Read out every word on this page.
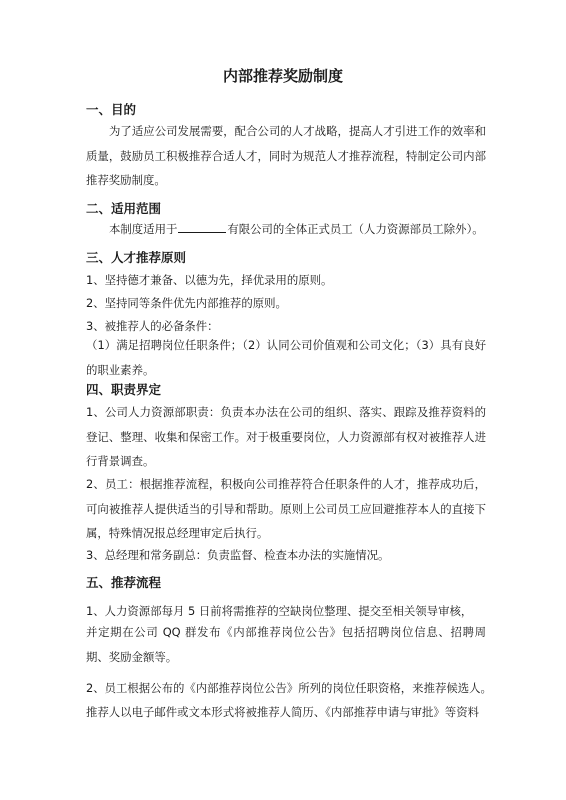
内部推荐奖励制度
一、目的
为了适应公司发展需要，配合公司的人才战略，提高人才引进工作的效率和质量，鼓励员工积极推荐合适人才，同时为规范人才推荐流程，特制定公司内部推荐奖励制度。
二、适用范围
本制度适用于	有限公司的全体正式员工（人力资源部员工除外）。
三、人才推荐原则
1、坚持德才兼备、以德为先，择优录用的原则。
2、坚持同等条件优先内部推荐的原则。
3、被推荐人的必备条件：
（1）满足招聘岗位任职条件；（2）认同公司价值观和公司文化；（3）具有良好的职业素养。
四、职责界定
1、公司人力资源部职责：负责本办法在公司的组织、落实、跟踪及推荐资料的登记、整理、收集和保密工作。对于极重要岗位，人力资源部有权对被推荐人进行背景调查。
2、员工：根据推荐流程，积极向公司推荐符合任职条件的人才，推荐成功后，可向被推荐人提供适当的引导和帮助。原则上公司员工应回避推荐本人的直接下属，特殊情况报总经理审定后执行。
3、总经理和常务副总：负责监督、检查本办法的实施情况。
五、推荐流程
1、人力资源部每月 5 日前将需推荐的空缺岗位整理、提交至相关领导审核，
并定期在公司 QQ 群发布《内部推荐岗位公告》包括招聘岗位信息、招聘周期、奖励金额等。
2、员工根据公布的《内部推荐岗位公告》所列的岗位任职资格，来推荐候选人。
推荐人以电子邮件或文本形式将被推荐人简历、《内部推荐申请与审批》等资料
